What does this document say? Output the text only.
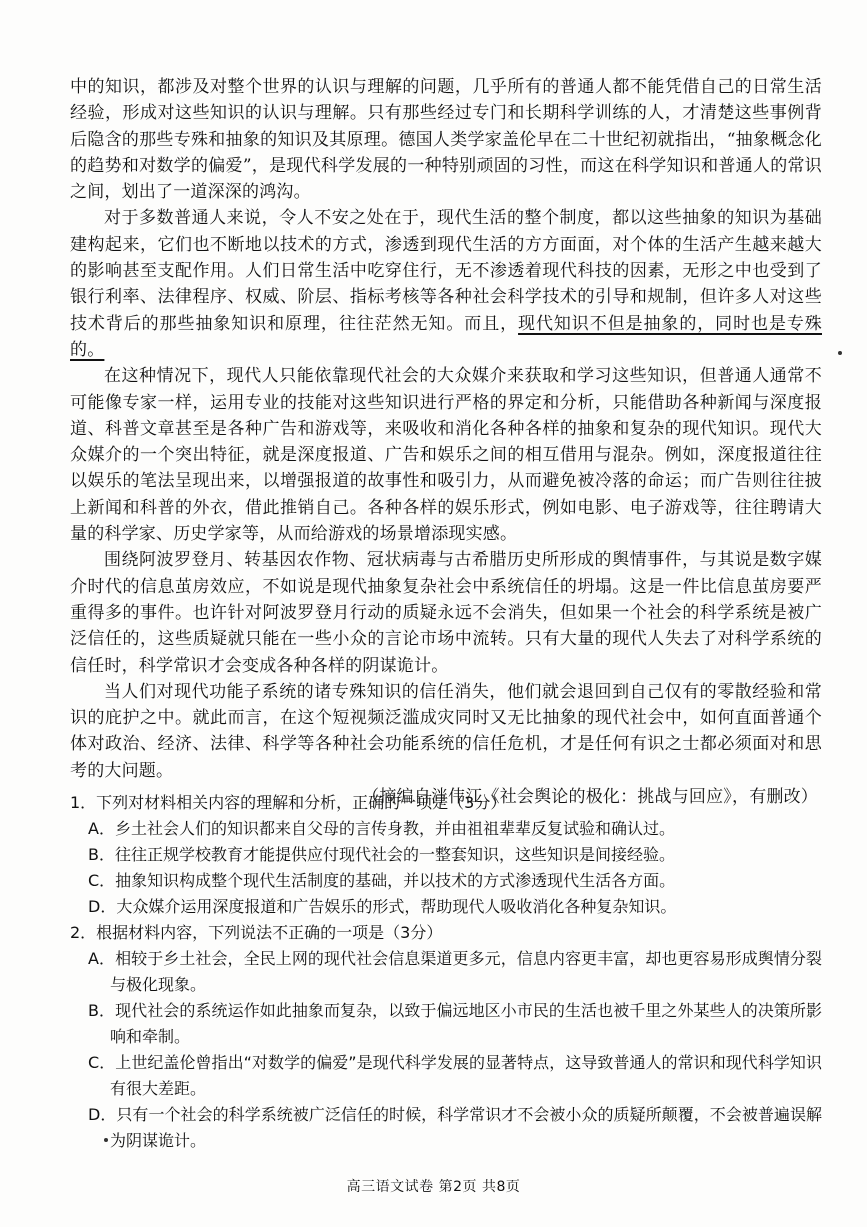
中的知识，都涉及对整个世界的认识与理解的问题，几乎所有的普通人都不能凭借自己的日常生活经验，形成对这些知识的认识与理解。只有那些经过专门和长期科学训练的人，才清楚这些事例背后隐含的那些专殊和抽象的知识及其原理。德国人类学家盖伦早在二十世纪初就指出，“抽象概念化的趋势和对数学的偏爱”，是现代科学发展的一种特别顽固的习性，而这在科学知识和普通人的常识之间，划出了一道深深的鸿沟。

对于多数普通人来说，令人不安之处在于，现代生活的整个制度，都以这些抽象的知识为基础建构起来，它们也不断地以技术的方式，渗透到现代生活的方方面面，对个体的生活产生越来越大的影响甚至支配作用。人们日常生活中吃穿住行，无不渗透着现代科技的因素，无形之中也受到了银行利率、法律程序、权威、阶层、指标考核等各种社会科学技术的引导和规制，但许多人对这些技术背后的那些抽象知识和原理，往往茫然无知。而且，现代知识不但是抽象的，同时也是专殊的。

在这种情况下，现代人只能依靠现代社会的大众媒介来获取和学习这些知识，但普通人通常不可能像专家一样，运用专业的技能对这些知识进行严格的界定和分析，只能借助各种新闻与深度报道、科普文章甚至是各种广告和游戏等，来吸收和消化各种各样的抽象和复杂的现代知识。现代大众媒介的一个突出特征，就是深度报道、广告和娱乐之间的相互借用与混杂。例如，深度报道往往以娱乐的笔法呈现出来，以增强报道的故事性和吸引力，从而避免被冷落的命运；而广告则往往披上新闻和科普的外衣，借此推销自己。各种各样的娱乐形式，例如电影、电子游戏等，往往聘请大量的科学家、历史学家等，从而给游戏的场景增添现实感。

围绕阿波罗登月、转基因农作物、冠状病毒与古希腊历史所形成的舆情事件，与其说是数字媒介时代的信息茧房效应，不如说是现代抽象复杂社会中系统信任的坍塌。这是一件比信息茧房要严重得多的事件。也许针对阿波罗登月行动的质疑永远不会消失，但如果一个社会的科学系统是被广泛信任的，这些质疑就只能在一些小众的言论市场中流转。只有大量的现代人失去了对科学系统的信任时，科学常识才会变成各种各样的阴谋诡计。

当人们对现代功能子系统的诸专殊知识的信任消失，他们就会退回到自己仅有的零散经验和常识的庇护之中。就此而言，在这个短视频泛滥成灾同时又无比抽象的现代社会中，如何直面普通个体对政治、经济、法律、科学等各种社会功能系统的信任危机，才是任何有识之士都必须面对和思考的大问题。

（摘编自泮伟江《社会舆论的极化：挑战与回应》，有删改）

1．下列对材料相关内容的理解和分析，正确的一项是（3分）

A．乡土社会人们的知识都来自父母的言传身教，并由祖祖辈辈反复试验和确认过。

B．往往正规学校教育才能提供应付现代社会的一整套知识，这些知识是间接经验。

C．抽象知识构成整个现代生活制度的基础，并以技术的方式渗透现代生活各方面。

D．大众媒介运用深度报道和广告娱乐的形式，帮助现代人吸收消化各种复杂知识。

2．根据材料内容，下列说法不正确的一项是（3分）

A．相较于乡土社会，全民上网的现代社会信息渠道更多元，信息内容更丰富，却也更容易形成舆情分裂与极化现象。

B．现代社会的系统运作如此抽象而复杂，以致于偏远地区小市民的生活也被千里之外某些人的决策所影响和牵制。

C．上世纪盖伦曾指出“对数学的偏爱”是现代科学发展的显著特点，这导致普通人的常识和现代科学知识有很大差距。

D．只有一个社会的科学系统被广泛信任的时候，科学常识才不会被小众的质疑所颠覆，不会被普遍误解为阴谋诡计。

高三语文试卷 第2页 共8页
